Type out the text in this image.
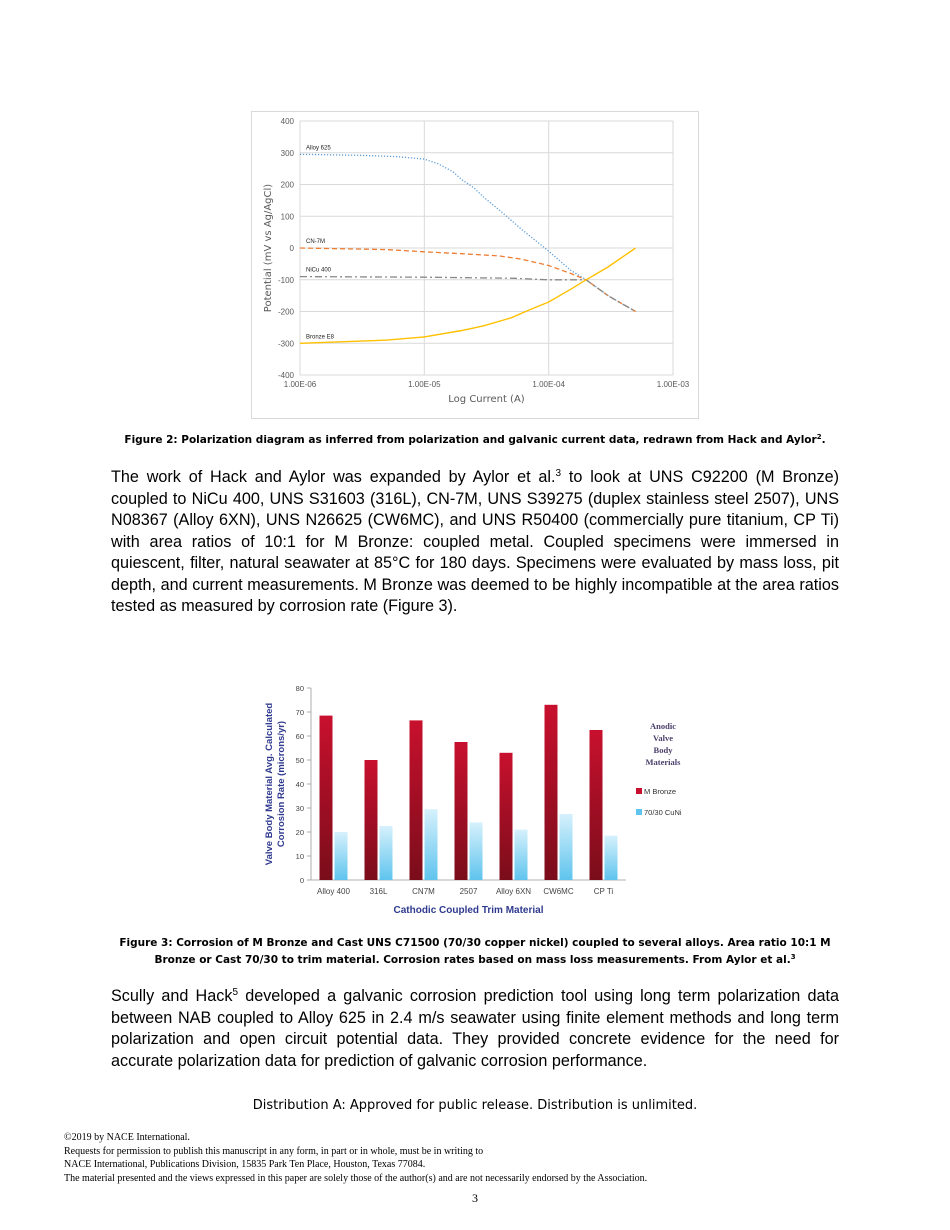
400
300
200
100
0
-100
-200
-300
-400
1.00E-06	1.00E-05	1.00E-04	1.00E-03
Log Current (A)
Potential (mV vs Ag/AgCl)
Alloy 625
CN-7M
NiCu 400
Bronze E8
Figure 2: Polarization diagram as inferred from polarization and galvanic current data, redrawn from Hack and Aylor$^2$.
The work of Hack and Aylor was expanded by Aylor et al.$^3$ to look at UNS C92200 (M Bronze) coupled to NiCu 400, UNS S31603 (316L), CN-7M, UNS S39275 (duplex stainless steel 2507), UNS N08367 (Alloy 6XN), UNS N26625 (CW6MC), and UNS R50400 (commercially pure titanium, CP Ti) with area ratios of 10:1 for M Bronze: coupled metal. Coupled specimens were immersed in quiescent, filter, natural seawater at 85°C for 180 days. Specimens were evaluated by mass loss, pit depth, and current measurements. M Bronze was deemed to be highly incompatible at the area ratios tested as measured by corrosion rate (Figure 3).
0
10
20
30
40
50
60
70
80
Alloy 400 316L	CN7M	2507 Alloy 6XN CW6MC	CP Ti
Cathodic Coupled Trim Material
Valve Body Material Avg. Calculated Corrosion Rate (microns/yr)	Anodic
Valve
Body
Materials
M Bronze
70/30 CuNi
Figure 3: Corrosion of M Bronze and Cast UNS C71500 (70/30 copper nickel) coupled to several alloys. Area ratio 10:1 M Bronze or Cast 70/30 to trim material. Corrosion rates based on mass loss measurements. From Aylor et al.$^3$
Scully and Hack$^5$ developed a galvanic corrosion prediction tool using long term polarization data between NAB coupled to Alloy 625 in 2.4 m/s seawater using finite element methods and long term polarization and open circuit potential data. They provided concrete evidence for the need for accurate polarization data for prediction of galvanic corrosion performance.
Distribution A: Approved for public release. Distribution is unlimited.
©2019 by NACE International.
Requests for permission to publish this manuscript in any form, in part or in whole, must be in writing to
NACE International, Publications Division, 15835 Park Ten Place, Houston, Texas 77084.
The material presented and the views expressed in this paper are solely those of the author(s) and are not necessarily endorsed by the Association.
3
